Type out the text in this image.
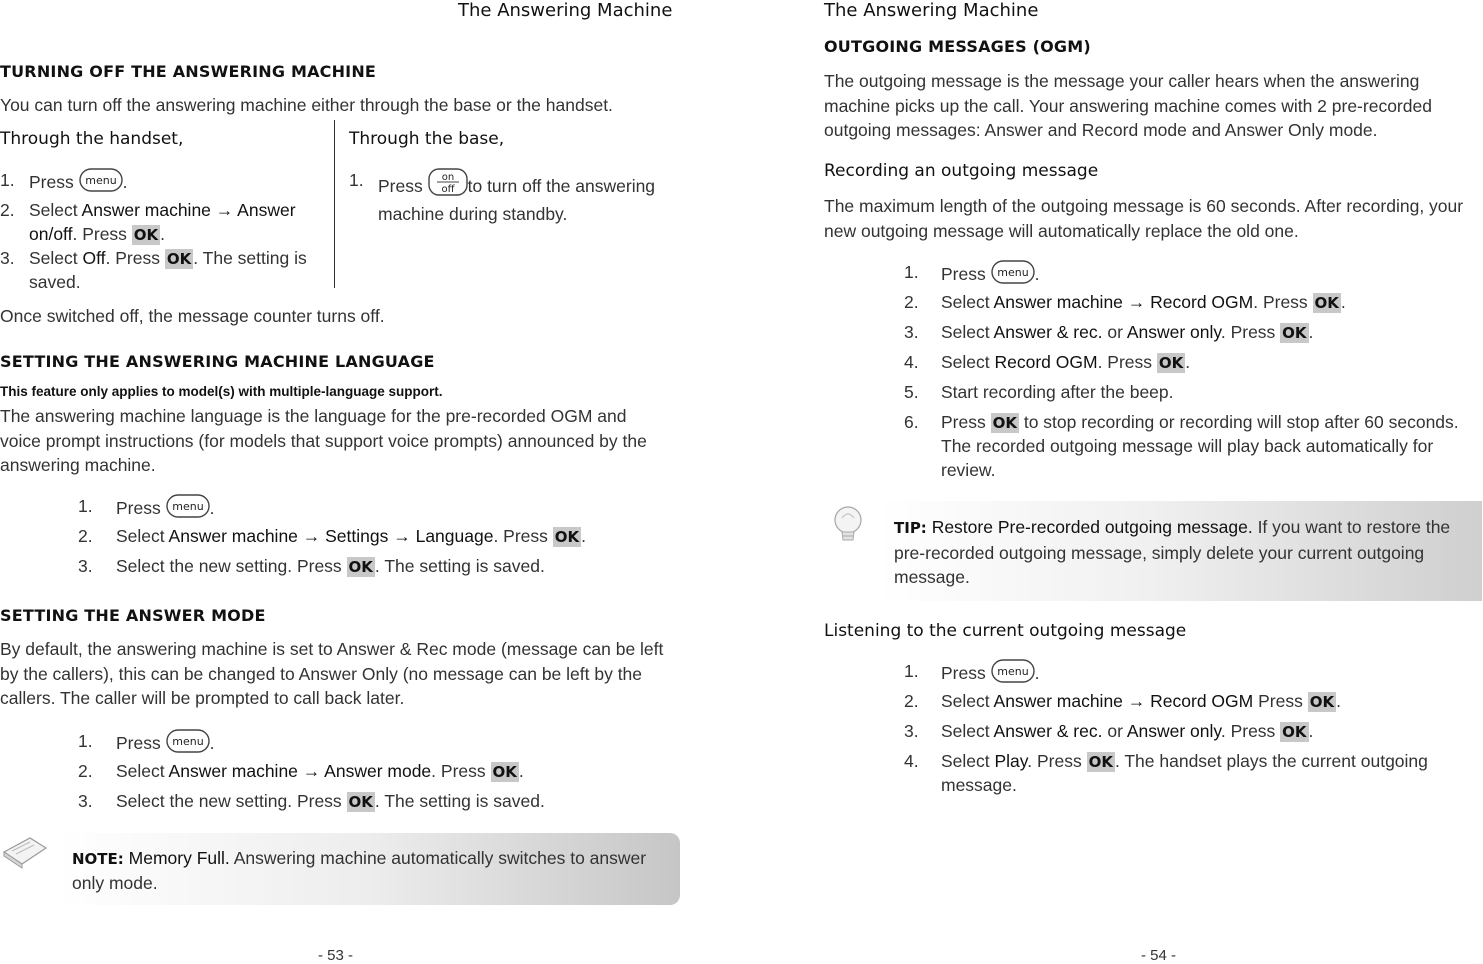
The Answering Machine
TURNING OFF THE ANSWERING MACHINE
You can turn off the answering machine either through the base or the handset.
Through the handset,
1. Press menu .
2. Select Answer machine → Answer on/off. Press OK .
3. Select Off. Press OK . The setting is saved.
Through the base,
1. Press on
off to turn off the answering machine during standby.
Once switched off, the message counter turns off.
SETTING THE ANSWERING MACHINE LANGUAGE
This feature only applies to model(s) with multiple-language support.
The answering machine language is the language for the pre-recorded OGM and voice prompt instructions (for models that support voice prompts) announced by the answering machine.
1. Press menu .
2. Select Answer machine → Settings → Language. Press OK .
3. Select the new setting. Press OK . The setting is saved.
SETTING THE ANSWER MODE
By default, the answering machine is set to Answer & Rec mode (message can be left by the callers), this can be changed to Answer Only (no message can be left by the callers. The caller will be prompted to call back later.
1. Press menu .
2. Select Answer machine → Answer mode. Press OK .
3. Select the new setting. Press OK . The setting is saved.
NOTE: Memory Full. Answering machine automatically switches to answer only mode.
- 53 -
The Answering Machine
OUTGOING MESSAGES (OGM)
The outgoing message is the message your caller hears when the answering machine picks up the call. Your answering machine comes with 2 pre-recorded outgoing messages: Answer and Record mode and Answer Only mode.
Recording an outgoing message
The maximum length of the outgoing message is 60 seconds. After recording, your new outgoing message will automatically replace the old one.
1. Press menu .
2. Select Answer machine → Record OGM. Press OK .
3. Select Answer & rec. or Answer only. Press OK .
4. Select Record OGM. Press OK .
5. Start recording after the beep.
6. Press OK to stop recording or recording will stop after 60 seconds. The recorded outgoing message will play back automatically for review.
TIP: Restore Pre-recorded outgoing message. If you want to restore the pre-recorded outgoing message, simply delete your current outgoing message.
Listening to the current outgoing message
1. Press menu .
2. Select Answer machine → Record OGM Press OK .
3. Select Answer & rec. or Answer only. Press OK .
4. Select Play. Press OK . The handset plays the current outgoing message.
- 54 -
